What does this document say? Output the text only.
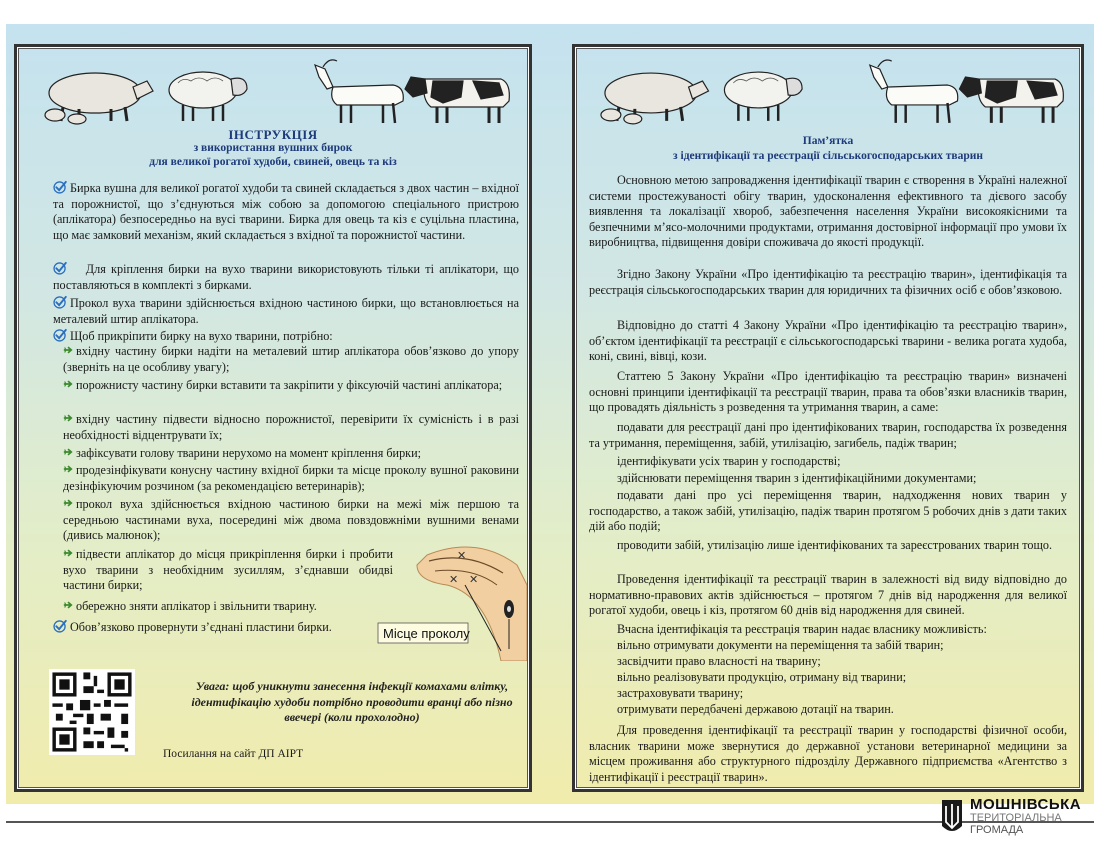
ІНСТРУКЦІЯ
з використання вушних бирок
для великої рогатої худоби, свиней, овець та кіз
Бирка вушна для великої рогатої худоби та свиней складається з двох частин – вхідної та порожнистої, що з’єднуються між собою за допомогою спеціального пристрою (аплікатора) безпосередньо на вусі тварини. Бирка для овець та кіз є суцільна пластина, що має замковий механізм, який складається з вхідної та порожнистої частини.
Для кріплення бирки на вухо тварини використовують тільки ті аплікатори, що поставляються в комплекті з бирками.
Прокол вуха тварини здійснюється вхідною частиною бирки, що встановлюється на металевий штир аплікатора.
Щоб прикріпити бирку на вухо тварини, потрібно:
вхідну частину бирки надіти на металевий штир аплікатора обов’язково до упору (зверніть на це особливу увагу);
порожнисту частину бирки вставити та закріпити у фіксуючій частині аплікатора;
вхідну частину підвести відносно порожнистої, перевірити їх сумісність і в разі необхідності відцентрувати їх;
зафіксувати голову тварини нерухомо на момент кріплення бирки;
продезінфікувати конусну частину вхідної бирки та місце проколу вушної раковини дезінфікуючим розчином (за рекомендацією ветеринарів);
прокол вуха здійснюється вхідною частиною бирки на межі між першою та середньою частинами вуха, посередині між двома повздовжніми вушними венами (дивись малюнок);
підвести аплікатор до місця прикріплення бирки і пробити вухо тварини з необхідним зусиллям, з’єднавши обидві частини бирки;
обережно зняти аплікатор і звільнити тварину.
Обов’язково провернути з’єднані пластини бирки.
✕
✕
✕
Місце проколу
Увага: щоб уникнути занесення інфекції комахами влітку, ідентифікацію худоби потрібно проводити вранці або пізно ввечері (коли прохолодно)
Посилання на сайт ДП АІРТ
Пам’ятка
з ідентифікації та реєстрації сільськогосподарських тварин
Основною метою запровадження ідентифікації тварин є створення в Україні належної системи простежуваності обігу тварин, удосконалення ефективного та дієвого засобу виявлення та локалізації хвороб, забезпечення населення України високоякісними та безпечними м’ясо-молочними продуктами, отримання достовірної інформації про умови їх виробництва, підвищення довіри споживача до якості продукції.
Згідно Закону України «Про ідентифікацію та реєстрацію тварин», ідентифікація та реєстрація сільськогосподарських тварин для юридичних та фізичних осіб є обов’язковою.
Відповідно до статті 4 Закону України «Про ідентифікацію та реєстрацію тварин», об’єктом ідентифікації та реєстрації є сільськогосподарські тварини - велика рогата худоба, коні, свині, вівці, кози.
Статтею 5 Закону України «Про ідентифікацію та реєстрацію тварин» визначені основні принципи ідентифікації та реєстрації тварин, права та обов’язки власників тварин, що провадять діяльність з розведення та утримання тварин, а саме:
подавати для реєстрації дані про ідентифікованих тварин, господарства їх розведення та утримання, переміщення, забій, утилізацію, загибель, падіж тварин;
ідентифікувати усіх тварин у господарстві;
здійснювати переміщення тварин з ідентифікаційними документами;
подавати дані про усі переміщення тварин, надходження нових тварин у господарство, а також забій, утилізацію, падіж тварин протягом 5 робочих днів з дати таких дій або подій;
проводити забій, утилізацію лише ідентифікованих та зареєстрованих тварин тощо.
Проведення ідентифікації та реєстрації тварин в залежності від виду відповідно до нормативно-правових актів здійснюється – протягом 7 днів від народження для великої рогатої худоби, овець і кіз, протягом 60 днів від народження для свиней.
Вчасна ідентифікація та реєстрація тварин надає власнику можливість:
вільно отримувати документи на переміщення та забій тварин;
засвідчити право власності на тварину;
вільно реалізовувати продукцію, отриману від тварини;
застраховувати тварину;
отримувати передбачені державою дотації на тварин.
Для проведення ідентифікації та реєстрації тварин у господарстві фізичної особи, власник тварини може звернутися до державної установи ветеринарної медицини за місцем проживання або структурного підрозділу Державного підприємства «Агентство з ідентифікації і реєстрації тварин».
МОШНІВСЬКА
ТЕРИТОРІАЛЬНА
ГРОМАДА
